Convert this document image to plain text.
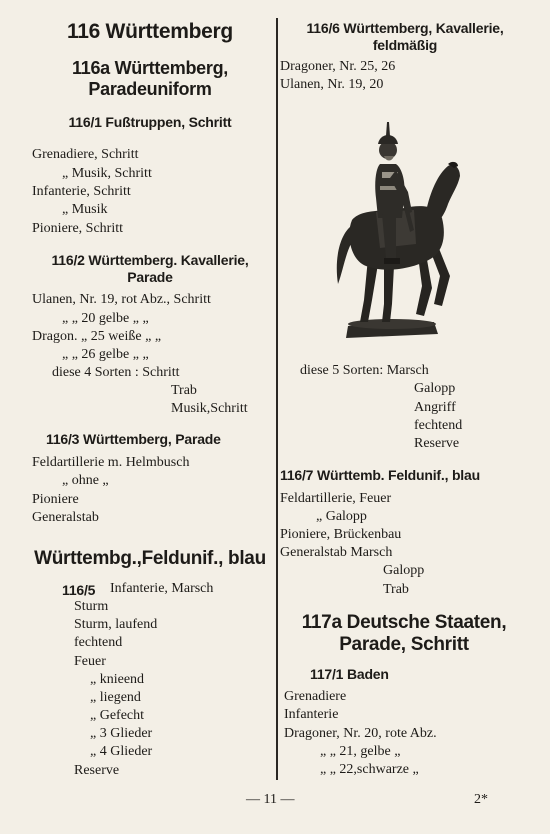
116 Württemberg
116a Württemberg,
Paradeuniform
116/1 Fußtruppen, Schritt
Grenadiere, Schritt
„ Musik, Schritt
Infanterie, Schritt
„ Musik
Pioniere, Schritt
116/2 Württemberg. Kavallerie,
Parade
Ulanen, Nr. 19, rot Abz., Schritt
„ „ 20 gelbe „ „
Dragon. „ 25 weiße „ „
„ „ 26 gelbe „ „
diese 4 Sorten : Schritt
Trab
Musik,Schritt
116/3 Württemberg, Parade
Feldartillerie m. Helmbusch
„ ohne „
Pioniere
Generalstab
Württembg.,Feldunif., blau
116/5 Infanterie, Marsch
Sturm
Sturm, laufend
fechtend
Feuer
„ knieend
„ liegend
„ Gefecht
„ 3 Glieder
„ 4 Glieder
Reserve
116/6 Württemberg, Kavallerie,
feldmäßig
Dragoner, Nr. 25, 26
Ulanen, Nr. 19, 20
diese 5 Sorten: Marsch
Galopp
Angriff
fechtend
Reserve
116/7 Württemb. Feldunif., blau
Feldartillerie, Feuer
„ Galopp
Pioniere, Brückenbau
Generalstab Marsch
Galopp
Trab
117a Deutsche Staaten,
Parade, Schritt
117/1 Baden
Grenadiere
Infanterie
Dragoner, Nr. 20, rote Abz.
„ „ 21, gelbe „
„ „ 22,schwarze „
— 11 —	2*
